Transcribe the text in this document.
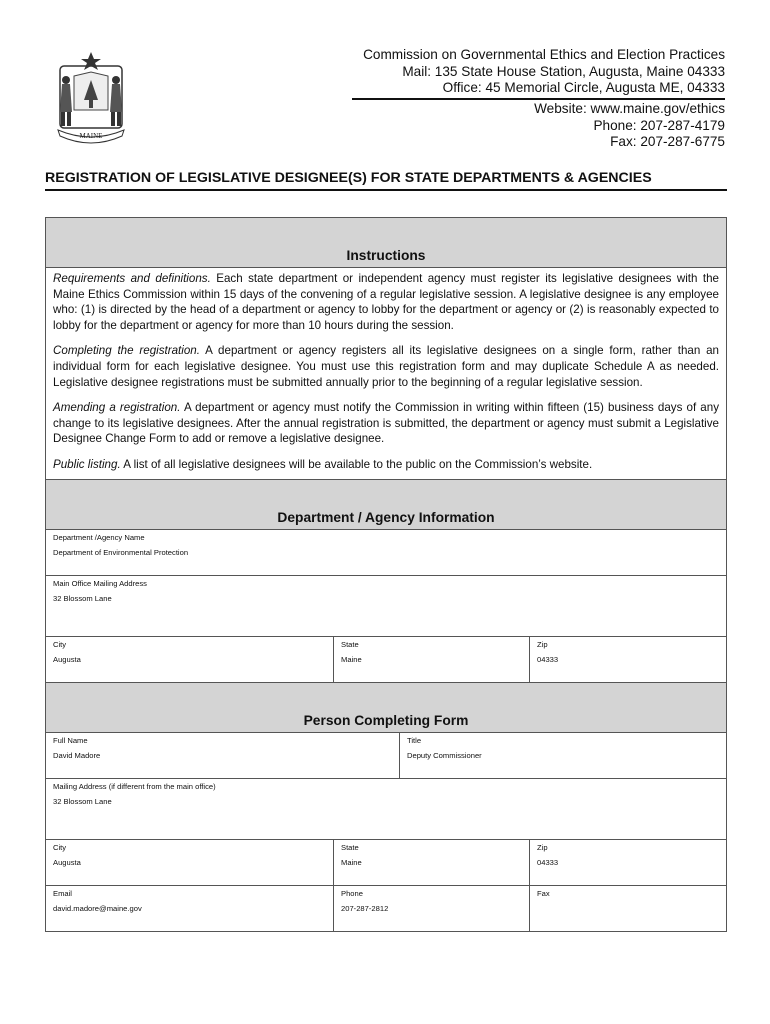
MAINE
Commission on Governmental Ethics and Election Practices
Mail: 135 State House Station, Augusta, Maine 04333
Office: 45 Memorial Circle, Augusta ME, 04333
Website: www.maine.gov/ethics
Phone: 207-287-4179
Fax: 207-287-6775
REGISTRATION OF LEGISLATIVE DESIGNEE(S) FOR STATE DEPARTMENTS & AGENCIES
Instructions

Requirements and definitions. Each state department or independent agency must register its legislative designees with the Maine Ethics Commission within 15 days of the convening of a regular legislative session. A legislative designee is any employee who: (1) is directed by the head of a department or agency to lobby for the department or agency or (2) is reasonably expected to lobby for the department or agency for more than 10 hours during the session.

Completing the registration. A department or agency registers all its legislative designees on a single form, rather than an individual form for each legislative designee. You must use this registration form and may duplicate Schedule A as needed. Legislative designee registrations must be submitted annually prior to the beginning of a regular legislative session.

Amending a registration. A department or agency must notify the Commission in writing within fifteen (15) business days of any change to its legislative designees. After the annual registration is submitted, the department or agency must submit a Legislative Designee Change Form to add or remove a legislative designee.

Public listing. A list of all legislative designees will be available to the public on the Commission’s website.

Department / Agency Information
Department /Agency Name
Department of Environmental Protection
Main Office Mailing Address
32 Blossom Lane
City
Augusta
State
Maine
Zip
04333
Person Completing Form
Full Name
David Madore
Title
Deputy Commissioner
Mailing Address (if different from the main office)
32 Blossom Lane
City
Augusta
State
Maine
Zip
04333
Email
david.madore@maine.gov
Phone
207-287-2812
Fax
